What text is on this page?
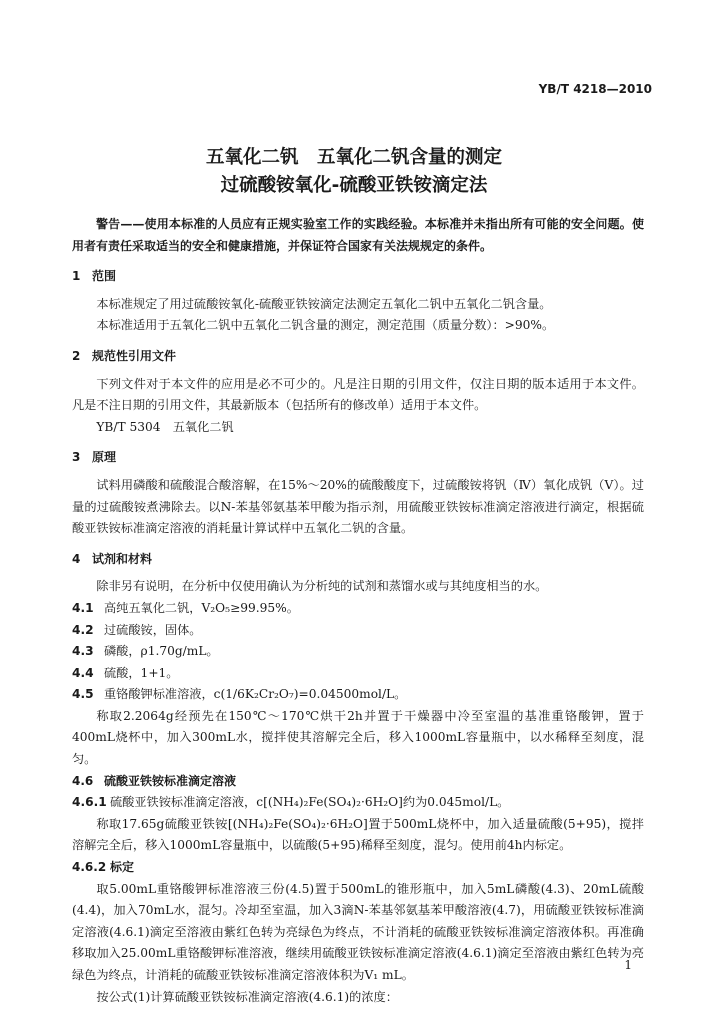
YB/T 4218—2010
五氧化二钒　五氧化二钒含量的测定
过硫酸铵氧化-硫酸亚铁铵滴定法

警告——使用本标准的人员应有正规实验室工作的实践经验。本标准并未指出所有可能的安全问题。使用者有责任采取适当的安全和健康措施，并保证符合国家有关法规规定的条件。

1 范围

本标准规定了用过硫酸铵氧化-硫酸亚铁铵滴定法测定五氧化二钒中五氧化二钒含量。

本标准适用于五氧化二钒中五氧化二钒含量的测定，测定范围（质量分数）：>90%。

2 规范性引用文件

下列文件对于本文件的应用是必不可少的。凡是注日期的引用文件，仅注日期的版本适用于本文件。凡是不注日期的引用文件，其最新版本（包括所有的修改单）适用于本文件。

YB/T 5304　五氧化二钒

3 原理

试料用磷酸和硫酸混合酸溶解，在15%～20%的硫酸酸度下，过硫酸铵将钒（Ⅳ）氧化成钒（Ⅴ）。过量的过硫酸铵煮沸除去。以N-苯基邻氨基苯甲酸为指示剂，用硫酸亚铁铵标准滴定溶液进行滴定，根据硫酸亚铁铵标准滴定溶液的消耗量计算试样中五氧化二钒的含量。

4 试剂和材料

除非另有说明，在分析中仅使用确认为分析纯的试剂和蒸馏水或与其纯度相当的水。

4.1 高纯五氧化二钒，V₂O₅≥99.95%。

4.2 过硫酸铵，固体。

4.3 磷酸，ρ1.70g/mL。

4.4 硫酸，1+1。

4.5 重铬酸钾标准溶液，c(1/6K₂Cr₂O₇)=0.04500mol/L。

称取2.2064g经预先在150℃～170℃烘干2h并置于干燥器中冷至室温的基准重铬酸钾，置于400mL烧杯中，加入300mL水，搅拌使其溶解完全后，移入1000mL容量瓶中，以水稀释至刻度，混匀。

4.6 硫酸亚铁铵标准滴定溶液

4.6.1 硫酸亚铁铵标准滴定溶液，c[(NH₄)₂Fe(SO₄)₂·6H₂O]约为0.045mol/L。

称取17.65g硫酸亚铁铵[(NH₄)₂Fe(SO₄)₂·6H₂O]置于500mL烧杯中，加入适量硫酸(5+95)，搅拌溶解完全后，移入1000mL容量瓶中，以硫酸(5+95)稀释至刻度，混匀。使用前4h内标定。

4.6.2 标定

取5.00mL重铬酸钾标准溶液三份(4.5)置于500mL的锥形瓶中，加入5mL磷酸(4.3)、20mL硫酸(4.4)，加入70mL水，混匀。冷却至室温，加入3滴N-苯基邻氨基苯甲酸溶液(4.7)，用硫酸亚铁铵标准滴定溶液(4.6.1)滴定至溶液由紫红色转为亮绿色为终点，不计消耗的硫酸亚铁铵标准滴定溶液体积。再准确移取加入25.00mL重铬酸钾标准溶液，继续用硫酸亚铁铵标准滴定溶液(4.6.1)滴定至溶液由紫红色转为亮绿色为终点，计消耗的硫酸亚铁铵标准滴定溶液体积为V₁ mL。

按公式(1)计算硫酸亚铁铵标准滴定溶液(4.6.1)的浓度：

1
